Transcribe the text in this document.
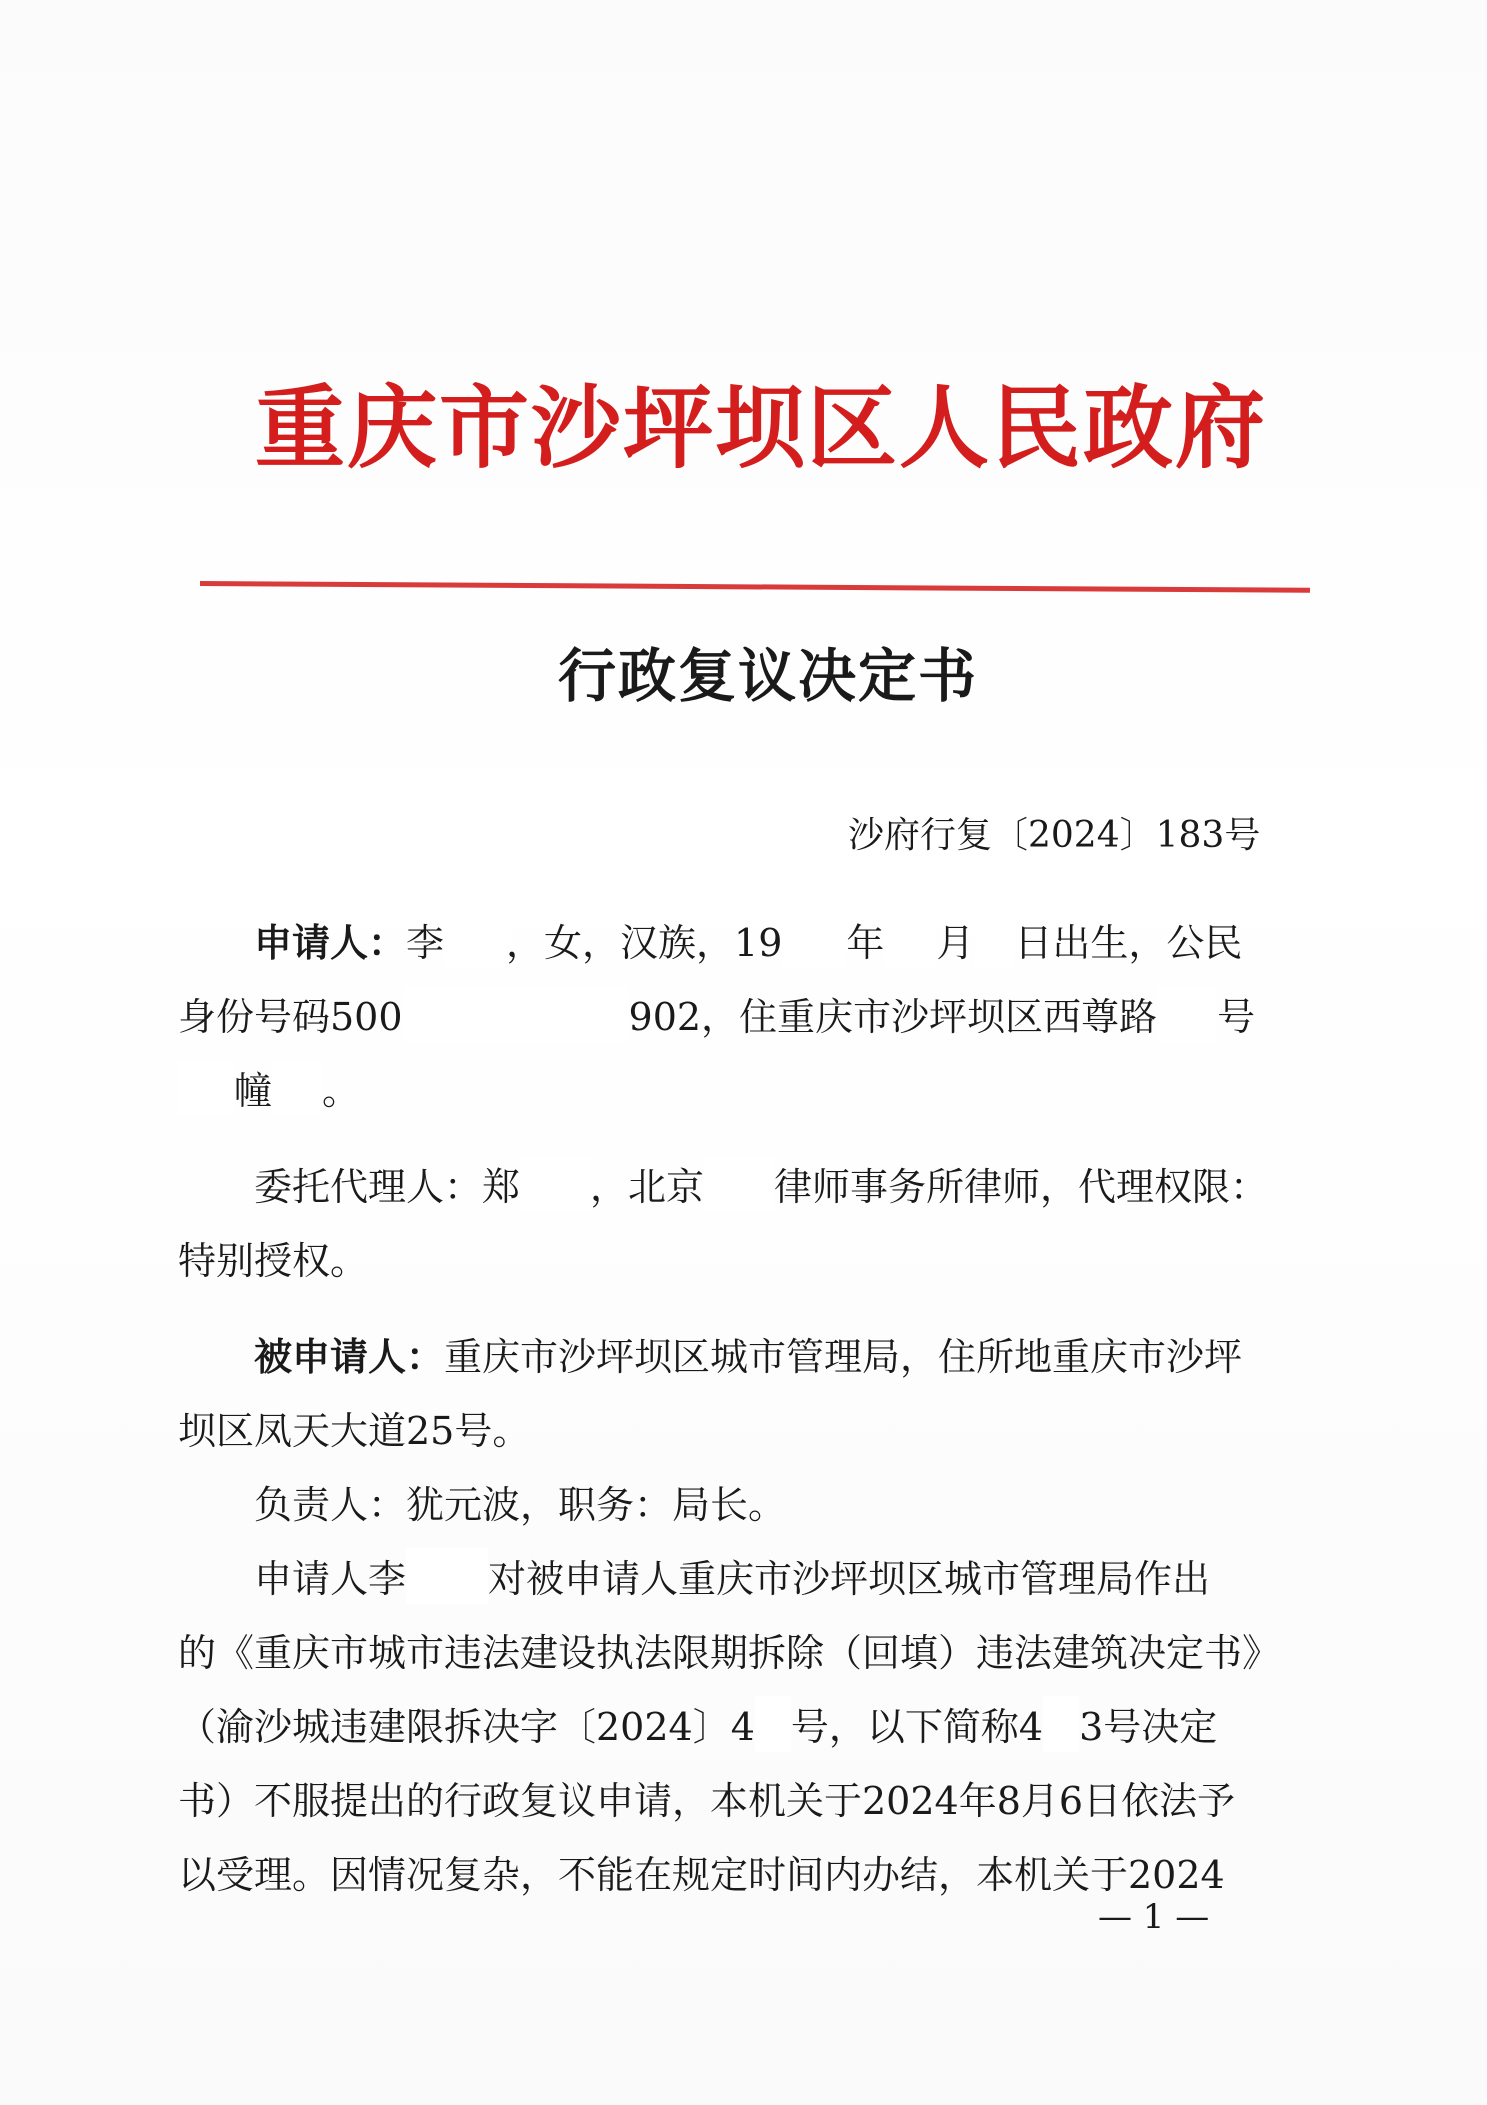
重庆市沙坪坝区人民政府
行政复议决定书
沙府行复〔2024〕183号
申请人：李 ，女，汉族，19 年 月 日出生，公民
身份号码500	902，住重庆市沙坪坝区西尊路 号
幢 。
委托代理人：郑 ，北京 律师事务所律师，代理权限：
特别授权。
被申请人：重庆市沙坪坝区城市管理局，住所地重庆市沙坪
坝区凤天大道25号。
负责人：犹元波，职务：局长。
申请人李 对被申请人重庆市沙坪坝区城市管理局作出
的《重庆市城市违法建设执法限期拆除（回填）违法建筑决定书》
（渝沙城违建限拆决字〔2024〕4 号，以下简称4 3号决定
书）不服提出的行政复议申请，本机关于2024年8月6日依法予
以受理。因情况复杂，不能在规定时间内办结，本机关于2024
— 1 —
